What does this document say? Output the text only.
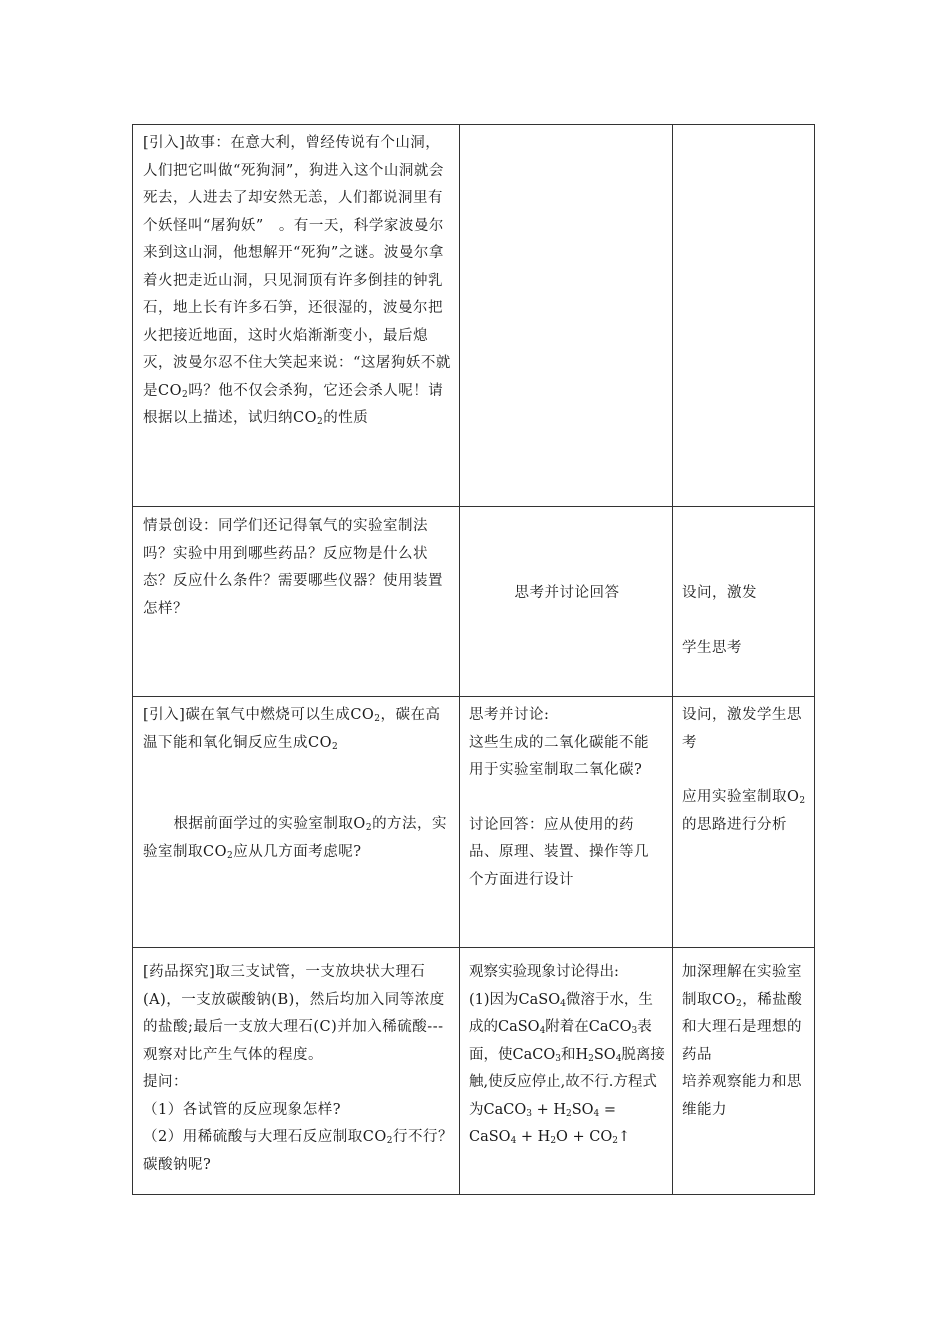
[引入]故事：在意大利，曾经传说有个山洞，人们把它叫做“死狗洞”，狗进入这个山洞就会死去，人进去了却安然无恙，人们都说洞里有个妖怪叫“屠狗妖”　。有一天，科学家波曼尔来到这山洞，他想解开“死狗”之谜。波曼尔拿着火把走近山洞，只见洞顶有许多倒挂的钟乳石，地上长有许多石笋，还很湿的，波曼尔把火把接近地面，这时火焰渐渐变小，最后熄灭，波曼尔忍不住大笑起来说：“这屠狗妖不就是$CO_2$吗？他不仅会杀狗，它还会杀人呢！请根据以上描述，试归纳$CO_2$的性质

情景创设：同学们还记得氧气的实验室制法吗？实验中用到哪些药品？反应物是什么状态？反应什么条件？需要哪些仪器？使用装置怎样？
思考并讨论回答	设问，激发

学生思考

[引入]碳在氧气中燃烧可以生成$CO_2$，碳在高温下能和氧化铜反应生成$CO_2$

根据前面学过的实验室制取$O_2$的方法，实验室制取$CO_2$应从几方面考虑呢?

思考并讨论:

这些生成的二氧化碳能不能用于实验室制取二氧化碳?

讨论回答：应从使用的药品、原理、装置、操作等几个方面进行设计

设问，激发学生思考

应用实验室制取$O_2$的思路进行分析

[药品探究]取三支试管，一支放块状大理石(A)，一支放碳酸钠(B)，然后均加入同等浓度的盐酸;最后一支放大理石(C)并加入稀硫酸---观察对比产生气体的程度。

提问：

（1）各试管的反应现象怎样?

（2）用稀硫酸与大理石反应制取$CO_2$行不行？碳酸钠呢?

观察实验现象讨论得出:

(1)因为CaSO$_4$微溶于水，生成的CaSO$_4$附着在CaCO$_3$表面，使CaCO$_3$和$H_2SO_4$脱离接触,使反应停止,故不行.方程式为CaCO$_3$ + $H_2SO_4$ = CaSO$_4$ + $H_2O$ + $CO_2↑$

加深理解在实验室制取$CO_2$，稀盐酸和大理石是理想的药品

培养观察能力和思维能力
